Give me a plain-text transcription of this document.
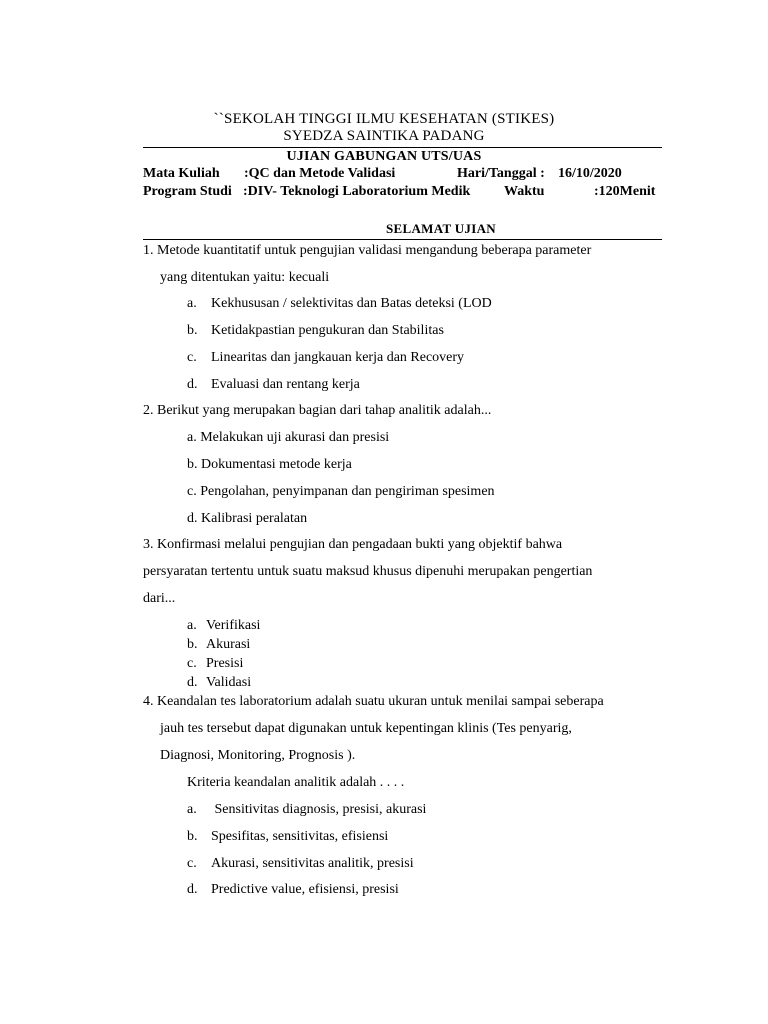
``SEKOLAH TINGGI ILMU KESEHATAN (STIKES)
SYEDZA SAINTIKA PADANG
UJIAN GABUNGAN UTS/UAS
Mata Kuliah :QC dan Metode Validasi	Hari/Tanggal : 16/10/2020
Program Studi :DIV- Teknologi Laboratorium Medik Waktu	:120Menit
SELAMAT UJIAN
1. Metode kuantitatif untuk pengujian validasi mengandung beberapa parameter
yang ditentukan yaitu: kecuali
a. Kekhususan / selektivitas dan Batas deteksi (LOD
b. Ketidakpastian pengukuran dan Stabilitas
c. Linearitas dan jangkauan kerja dan Recovery
d. Evaluasi dan rentang kerja
2. Berikut yang merupakan bagian dari tahap analitik adalah...
a. Melakukan uji akurasi dan presisi
b. Dokumentasi metode kerja
c. Pengolahan, penyimpanan dan pengiriman spesimen
d. Kalibrasi peralatan
3. Konfirmasi melalui pengujian dan pengadaan bukti yang objektif bahwa
persyaratan tertentu untuk suatu maksud khusus dipenuhi merupakan pengertian
dari...
a. Verifikasi
b. Akurasi
c. Presisi
d. Validasi
4. Keandalan tes laboratorium adalah suatu ukuran untuk menilai sampai seberapa
jauh tes tersebut dapat digunakan untuk kepentingan klinis (Tes penyarig,
Diagnosi, Monitoring, Prognosis ).
Kriteria keandalan analitik adalah . . . .
a. Sensitivitas diagnosis, presisi, akurasi
b. Spesifitas, sensitivitas, efisiensi
c. Akurasi, sensitivitas analitik, presisi
d. Predictive value, efisiensi, presisi
